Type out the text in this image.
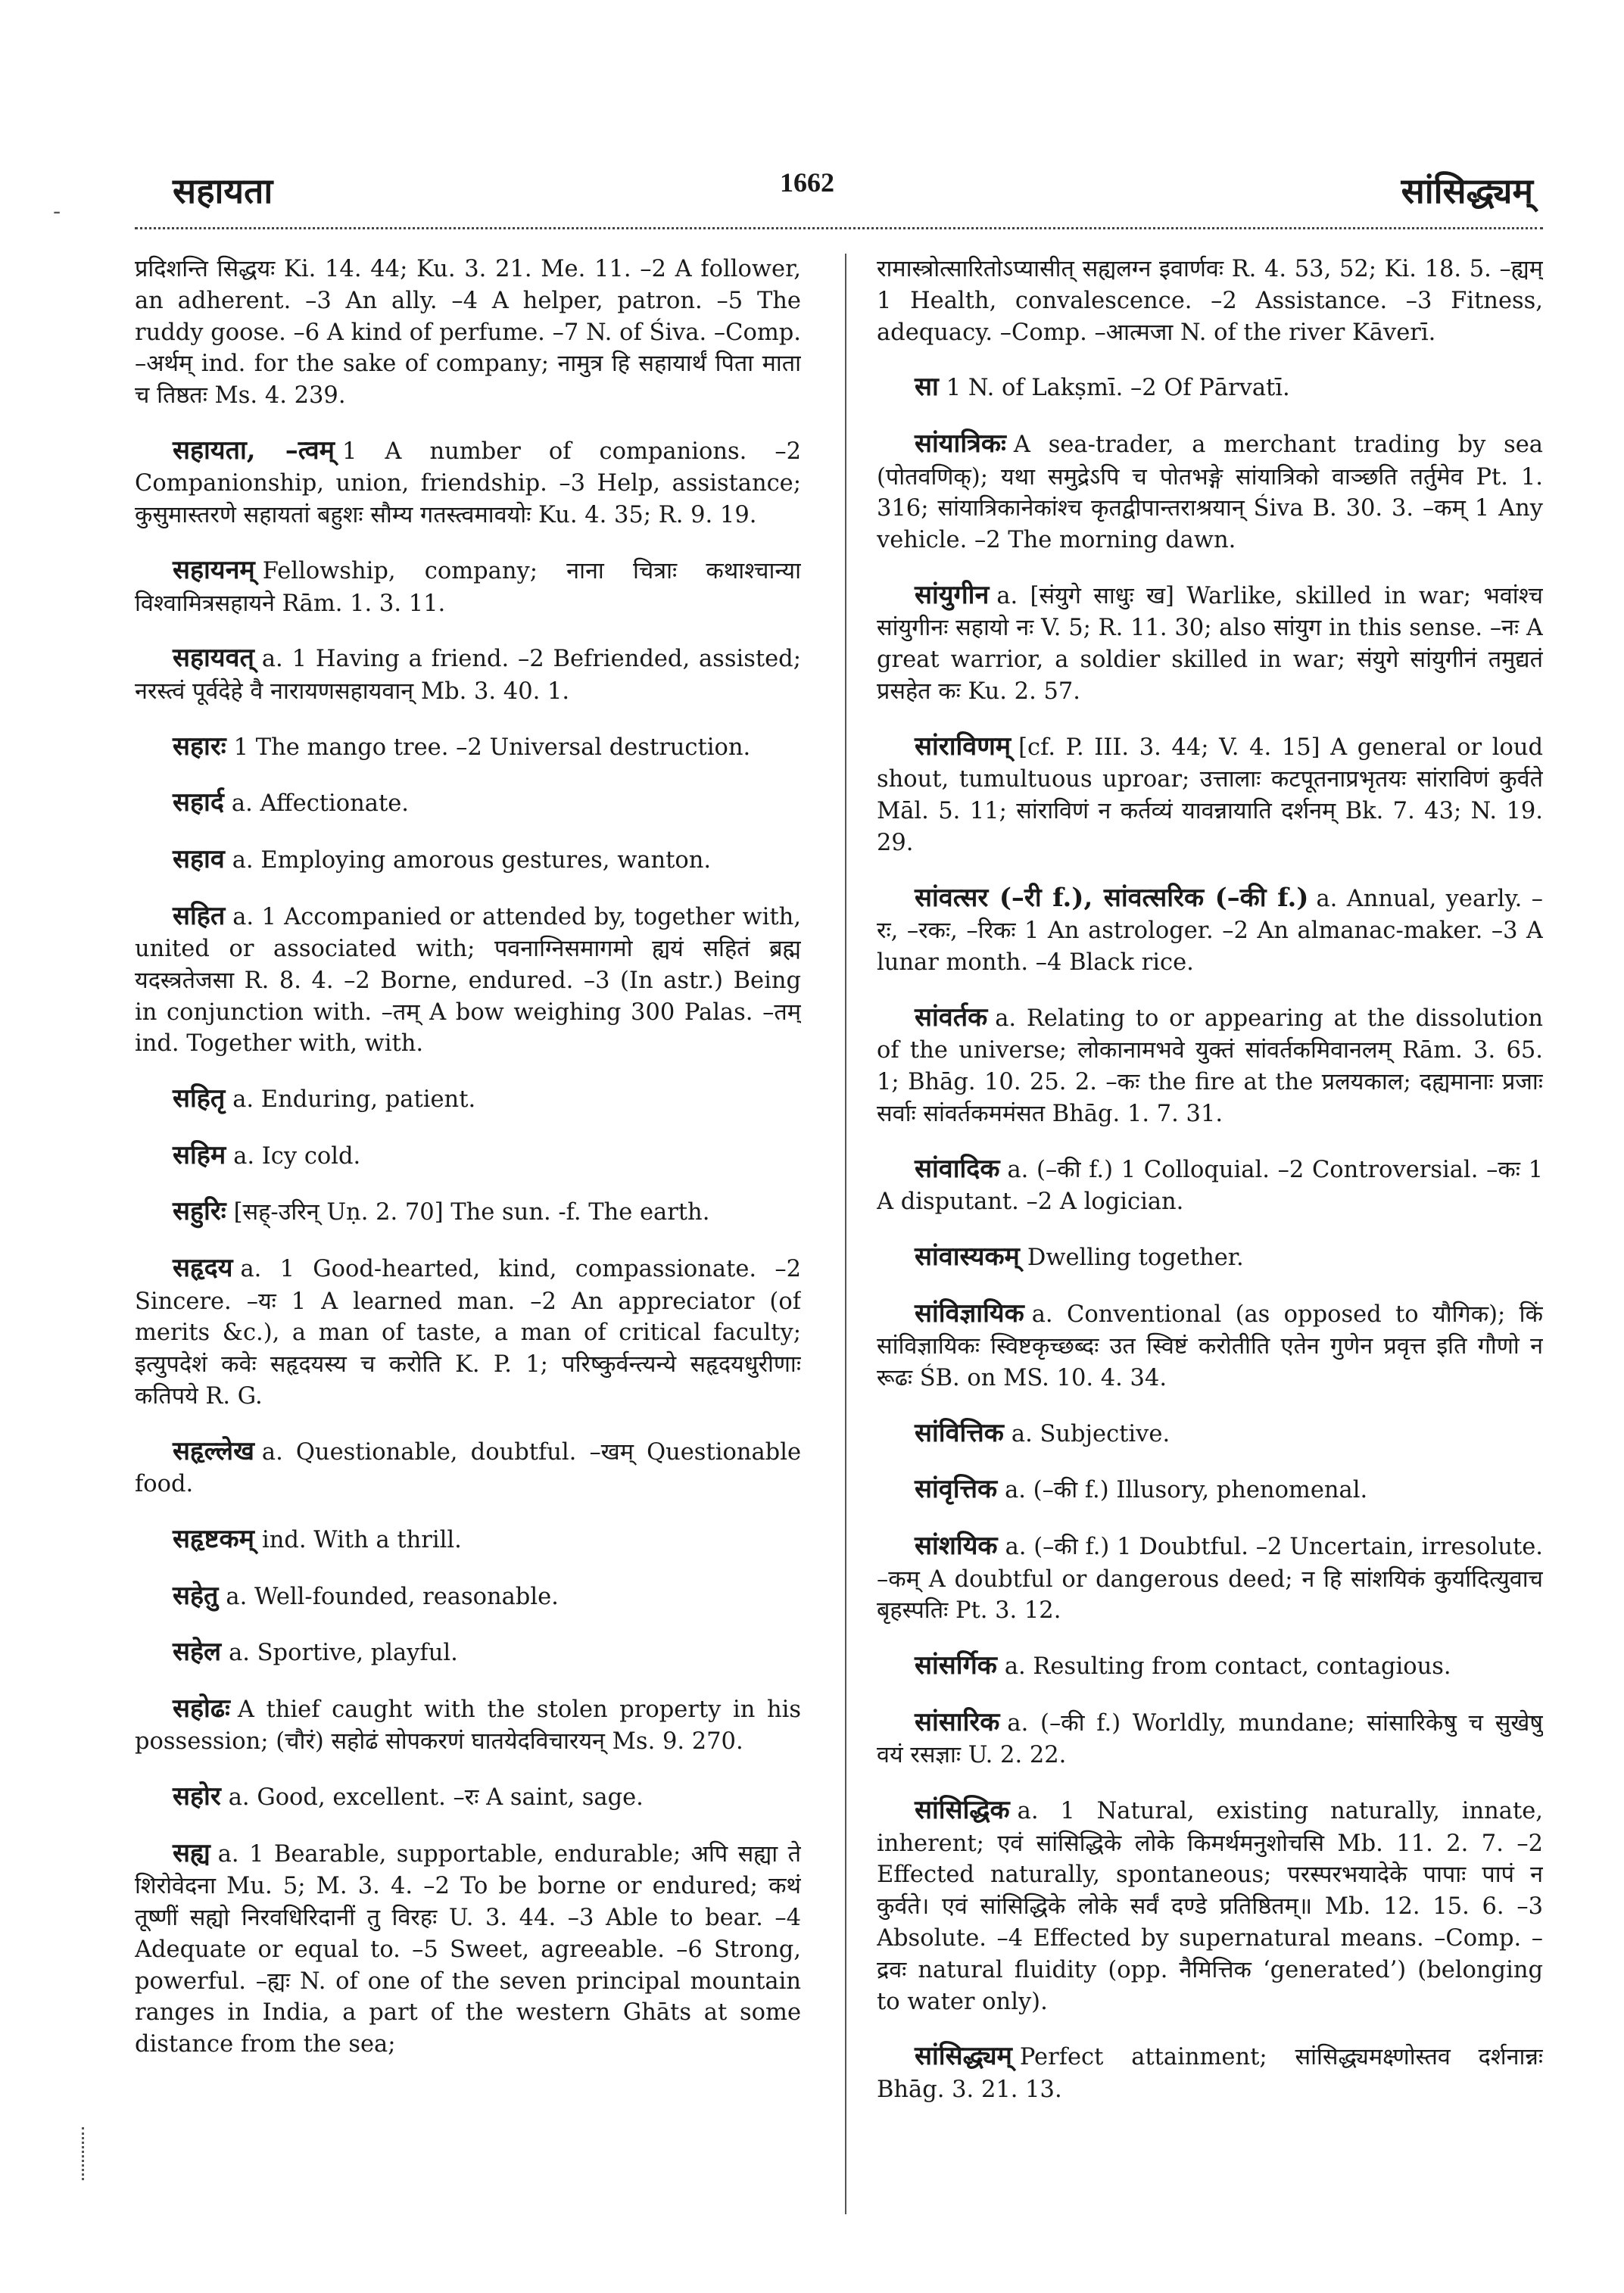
सहायता	1662	सांसिद्ध्यम्
-

प्रदिशन्ति सिद्धयः Ki. 14. 44; Ku. 3. 21. Me. 11. –2 A follower, an adherent. –3 An ally. –4 A helper, patron. –5 The ruddy goose. –6 A kind of perfume. –7 N. of Śiva. –Comp. –अर्थम् ind. for the sake of company; नामुत्र हि सहायार्थं पिता माता च तिष्ठतः Ms. 4. 239.

सहायता, –त्वम् 1 A number of companions. –2 Companionship, union, friendship. –3 Help, assistance; कुसुमास्तरणे सहायतां बहुशः सौम्य गतस्त्वमावयोः Ku. 4. 35; R. 9. 19.

सहायनम् Fellowship, company; नाना चित्राः कथाश्चान्या विश्वामित्रसहायने Rām. 1. 3. 11.

सहायवत् a. 1 Having a friend. –2 Befriended, assisted; नरस्त्वं पूर्वदेहे वै नारायणसहायवान् Mb. 3. 40. 1.

सहारः 1 The mango tree. –2 Universal destruction.

सहार्द a. Affectionate.

सहाव a. Employing amorous gestures, wanton.

सहित a. 1 Accompanied or attended by, together with, united or associated with; पवनाग्निसमागमो ह्ययं सहितं ब्रह्म यदस्त्रतेजसा R. 8. 4. –2 Borne, endured. –3 (In astr.) Being in conjunction with. –तम् A bow weighing 300 Palas. –तम् ind. Together with, with.

सहितृ a. Enduring, patient.

सहिम a. Icy cold.

सहुरिः [सह्-उरिन् Uṇ. 2. 70] The sun. -f. The earth.

सहृदय a. 1 Good-hearted, kind, compassionate. –2 Sincere. –यः 1 A learned man. –2 An appreciator (of merits &c.), a man of taste, a man of critical faculty; इत्युपदेशं कवेः सहृदयस्य च करोति K. P. 1; परिष्कुर्वन्त्यन्ये सहृदयधुरीणाः कतिपये R. G.

सहृल्लेख a. Questionable, doubtful. –खम् Questionable food.

सहृष्टकम् ind. With a thrill.

सहेतु a. Well-founded, reasonable.

सहेल a. Sportive, playful.

सहोढः A thief caught with the stolen property in his possession; (चौरं) सहोढं सोपकरणं घातयेदविचारयन् Ms. 9. 270.

सहोर a. Good, excellent. –रः A saint, sage.

सह्य a. 1 Bearable, supportable, endurable; अपि सह्या ते शिरोवेदना Mu. 5; M. 3. 4. –2 To be borne or endured; कथं तूष्णीं सह्यो निरवधिरिदानीं तु विरहः U. 3. 44. –3 Able to bear. –4 Adequate or equal to. –5 Sweet, agreeable. –6 Strong, powerful. –ह्यः N. of one of the seven principal mountain ranges in India, a part of the western Ghāts at some distance from the sea;

रामास्त्रोत्सारितोऽप्यासीत् सह्यलग्न इवार्णवः R. 4. 53, 52; Ki. 18. 5. –ह्यम् 1 Health, convalescence. –2 Assistance. –3 Fitness, adequacy. –Comp. –आत्मजा N. of the river Kāverī.

सा 1 N. of Lakṣmī. –2 Of Pārvatī.

सांयात्रिकः A sea-trader, a merchant trading by sea (पोतवणिक्); यथा समुद्रेऽपि च पोतभङ्गे सांयात्रिको वाञ्छति तर्तुमेव Pt. 1. 316; सांयात्रिकानेकांश्च कृतद्वीपान्तराश्रयान् Śiva B. 30. 3. –कम् 1 Any vehicle. –2 The morning dawn.

सांयुगीन a. [संयुगे साधुः ख] Warlike, skilled in war; भवांश्च सांयुगीनः सहायो नः V. 5; R. 11. 30; also सांयुग in this sense. –नः A great warrior, a soldier skilled in war; संयुगे सांयुगीनं तमुद्यतं प्रसहेत कः Ku. 2. 57.

सांराविणम् [cf. P. III. 3. 44; V. 4. 15] A general or loud shout, tumultuous uproar; उत्तालाः कटपूतनाप्रभृतयः सांराविणं कुर्वते Māl. 5. 11; सांराविणं न कर्तव्यं यावन्नायाति दर्शनम् Bk. 7. 43; N. 19. 29.

सांवत्सर (–री f.), सांवत्सरिक (–की f.) a. Annual, yearly. –रः, –रकः, –रिकः 1 An astrologer. –2 An almanac-maker. –3 A lunar month. –4 Black rice.

सांवर्तक a. Relating to or appearing at the dissolution of the universe; लोकानामभवे युक्तं सांवर्तकमिवानलम् Rām. 3. 65. 1; Bhāg. 10. 25. 2. –कः the fire at the प्रलयकाल; दह्यमानाः प्रजाः सर्वाः सांवर्तकममंसत Bhāg. 1. 7. 31.

सांवादिक a. (–की f.) 1 Colloquial. –2 Controversial. –कः 1 A disputant. –2 A logician.

सांवास्यकम् Dwelling together.

सांविज्ञायिक a. Conventional (as opposed to यौगिक); किं सांविज्ञायिकः स्विष्टकृच्छब्दः उत स्विष्टं करोतीति एतेन गुणेन प्रवृत्त इति गौणो न रूढः ŚB. on MS. 10. 4. 34.

सांवित्तिक a. Subjective.

सांवृत्तिक a. (–की f.) Illusory, phenomenal.

सांशयिक a. (–की f.) 1 Doubtful. –2 Uncertain, irresolute. –कम् A doubtful or dangerous deed; न हि सांशयिकं कुर्यादित्युवाच बृहस्पतिः Pt. 3. 12.

सांसर्गिक a. Resulting from contact, contagious.

सांसारिक a. (–की f.) Worldly, mundane; सांसारिकेषु च सुखेषु वयं रसज्ञाः U. 2. 22.

सांसिद्धिक a. 1 Natural, existing naturally, innate, inherent; एवं सांसिद्धिके लोके किमर्थमनुशोचसि Mb. 11. 2. 7. –2 Effected naturally, spontaneous; परस्परभयादेके पापाः पापं न कुर्वते। एवं सांसिद्धिके लोके सर्वं दण्डे प्रतिष्ठितम्॥ Mb. 12. 15. 6. –3 Absolute. –4 Effected by supernatural means. –Comp. –द्रवः natural fluidity (opp. नैमित्तिक ‘generated’) (belonging to water only).

सांसिद्ध्यम् Perfect attainment; सांसिद्ध्यमक्ष्णोस्तव दर्शनान्नः Bhāg. 3. 21. 13.
